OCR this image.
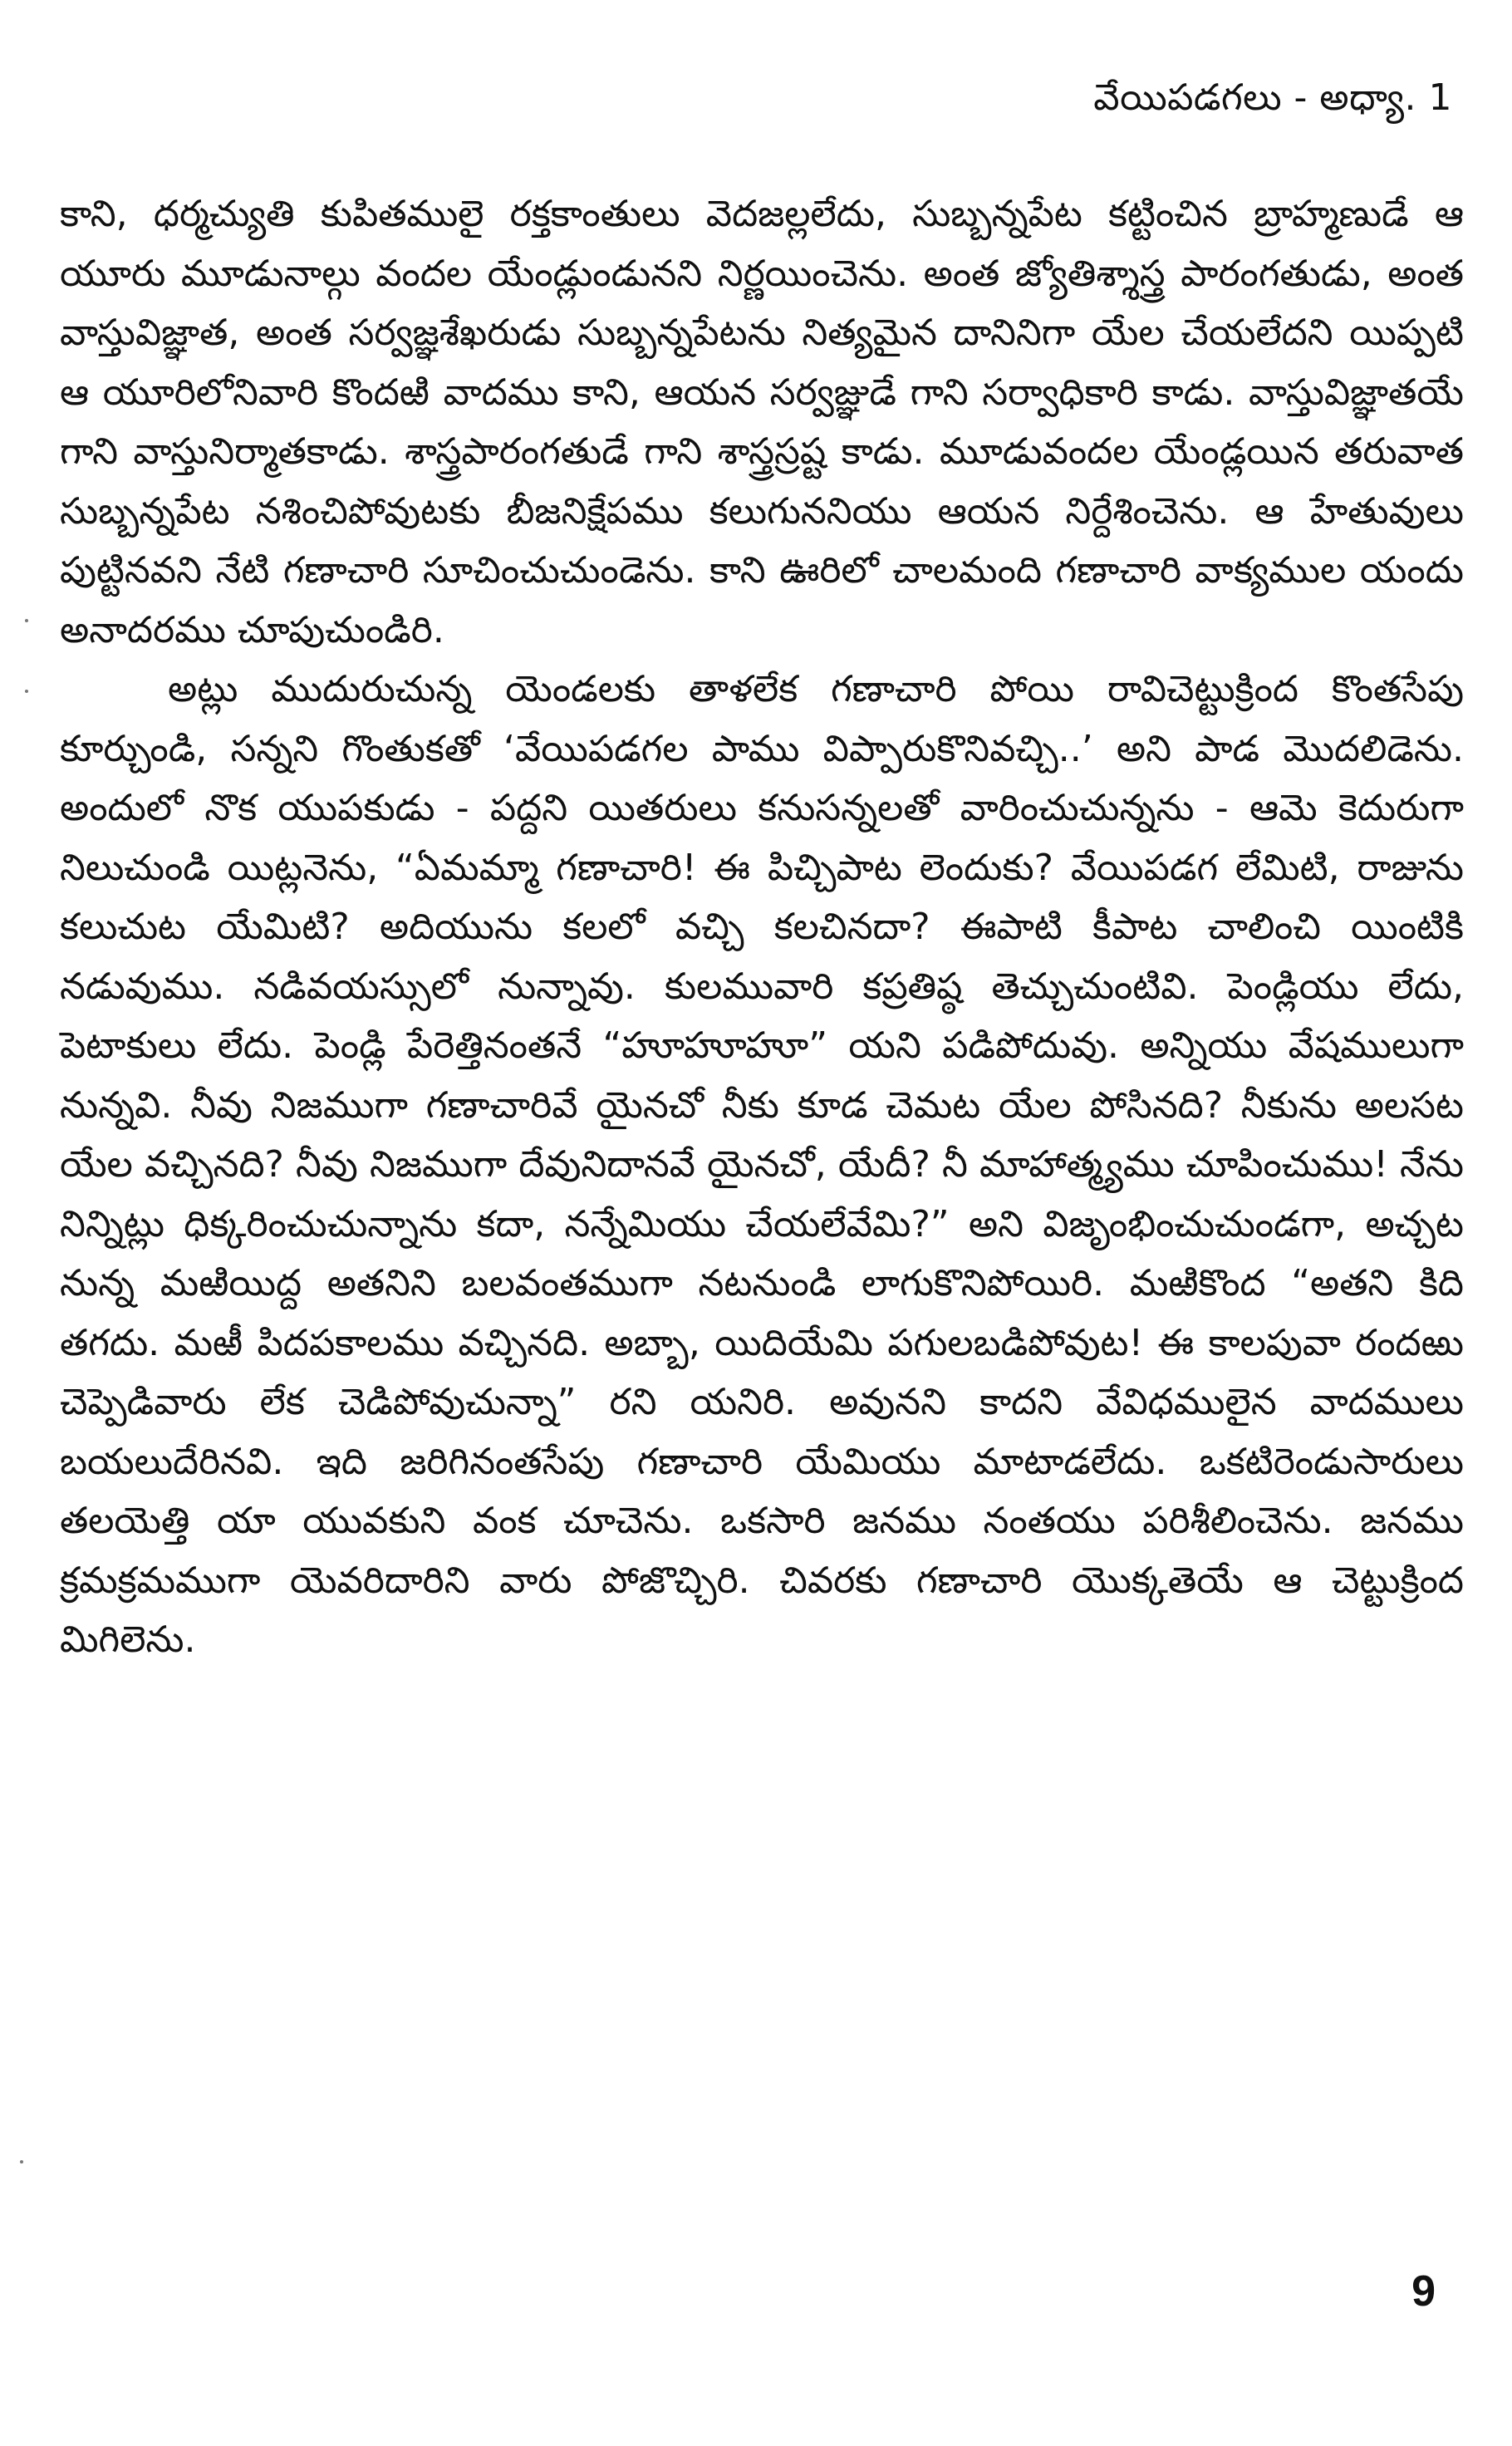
వేయిపడగలు - అధ్యా. 1

కాని, ధర్మచ్యుతి కుపితములై రక్తకాంతులు వెదజల్లలేదు, సుబ్బన్నపేట కట్టించిన బ్రాహ్మణుడే ఆ యూరు మూడునాల్గు వందల యేండ్లుండునని నిర్ణయించెను. అంత జ్యోతిశ్శాస్త్ర పారంగతుడు, అంత వాస్తువిజ్ఞాత, అంత సర్వజ్ఞశేఖరుడు సుబ్బన్నపేటను నిత్యమైన దానినిగా యేల చేయలేదని యిప్పటి ఆ యూరిలోనివారి కొందఱి వాదము కాని, ఆయన సర్వజ్ఞుడే గాని సర్వాధికారి కాడు. వాస్తువిజ్ఞాతయే గాని వాస్తునిర్మాతకాడు. శాస్త్రపారంగతుడే గాని శాస్త్రస్రష్ట కాడు. మూడువందల యేండ్లయిన తరువాత సుబ్బన్నపేట నశించిపోవుటకు బీజనిక్షేపము కలుగుననియు ఆయన నిర్దేశించెను. ఆ హేతువులు పుట్టినవని నేటి గణాచారి సూచించుచుండెను. కాని ఊరిలో చాలమంది గణాచారి వాక్యముల యందు అనాదరము చూపుచుండిరి.

అట్లు ముదురుచున్న యెండలకు తాళలేక గణాచారి పోయి రావిచెట్టుక్రింద కొంతసేపు కూర్చుండి, సన్నని గొంతుకతో ‘వేయిపడగల పాము విప్పారుకొనివచ్చి..’ అని పాడ మొదలిడెను. అందులో నొక యుపకుడు - పద్దని యితరులు కనుసన్నలతో వారించుచున్నను - ఆమె కెదురుగా నిలుచుండి యిట్లనెను, “ఏమమ్మా గణాచారి! ఈ పిచ్చిపాట లెందుకు? వేయిపడగ లేమిటి, రాజును కలుచుట యేమిటి? అదియును కలలో వచ్చి కలచినదా? ఈపాటి కీపాట చాలించి యింటికి నడువుము. నడివయస్సులో నున్నావు. కులమువారి కప్రతిష్ఠ తెచ్చుచుంటివి. పెండ్లియు లేదు, పెటాకులు లేదు. పెండ్లి పేరెత్తినంతనే “హూహూహూ” యని పడిపోదువు. అన్నియు వేషములుగా నున్నవి. నీవు నిజముగా గణాచారివే యైనచో నీకు కూడ చెమట యేల పోసినది? నీకును అలసట యేల వచ్చినది? నీవు నిజముగా దేవునిదానవే యైనచో, యేదీ? నీ మాహాత్మ్యము చూపించుము! నేను నిన్నిట్లు ధిక్కరించుచున్నాను కదా, నన్నేమియు చేయలేవేమి?” అని విజృంభించుచుండగా, అచ్చట నున్న మఱియిద్ద అతనిని బలవంతముగా నటనుండి లాగుకొనిపోయిరి. మఱికొంద “అతని కిది తగదు. మఱీ పిదపకాలము వచ్చినది. అబ్బా, యిదియేమి పగులబడిపోవుట! ఈ కాలపువా రందఱు చెప్పెడివారు లేక చెడిపోవుచున్నా” రని యనిరి. అవునని కాదని వేవిధములైన వాదములు బయలుదేరినవి. ఇది జరిగినంతసేపు గణాచారి యేమియు మాటాడలేదు. ఒకటిరెండుసారులు తలయెత్తి యా యువకుని వంక చూచెను. ఒకసారి జనము నంతయు పరిశీలించెను. జనము క్రమక్రమముగా యెవరిదారిని వారు పోజొచ్చిరి. చివరకు గణాచారి యొక్కతెయే ఆ చెట్టుక్రింద మిగిలెను.

9
